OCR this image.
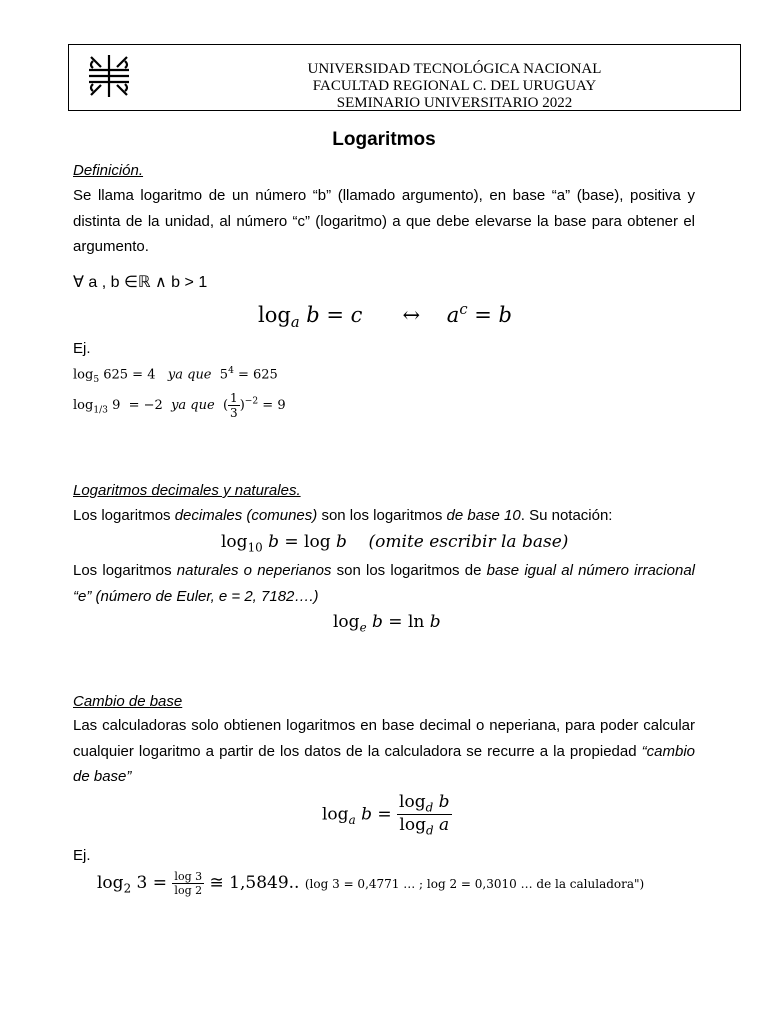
UNIVERSIDAD TECNOLÓGICA NACIONAL
FACULTAD REGIONAL C. DEL URUGUAY
SEMINARIO UNIVERSITARIO 2022
Logaritmos
Definición.
Se llama logaritmo de un número “b” (llamado argumento), en base “a” (base), positiva y distinta de la unidad, al número “c” (logaritmo) a que debe elevarse la base para obtener el argumento.
∀ a , b ∈ℝ ∧ b > 1
$\log_a b = c$      ↔    $a^c = b$
Ej.
$\log_5 625 = 4$   ya que  $5^4 = 625$
$\log_{1/3} 9 = -2$  ya que  ( $\frac{1}{3} )^{-2} = 9$
Logaritmos decimales y naturales.
Los logaritmos decimales (comunes) son los logaritmos de base 10. Su notación:
$\log_{10} b = \log b$ (omite escribir la base)
Los logaritmos naturales o neperianos son los logaritmos de base igual al número irracional “e” (número de Euler, e = 2, 7182….)
$\log_e b = \ln b$
Cambio de base
Las calculadoras solo obtienen logaritmos en base decimal o neperiana, para poder calcular cualquier logaritmo a partir de los datos de la calculadora se recurre a la propiedad “cambio de base”
$\log_a b = \frac{\log_d b}{\log_d a}$
Ej.
$\log_2 3 = \frac{\log 3}{\log 2}$ ≅ 1,5849.. (log 3 = 0,4771 … ; log 2 = 0,3010 … de la caluladora")
